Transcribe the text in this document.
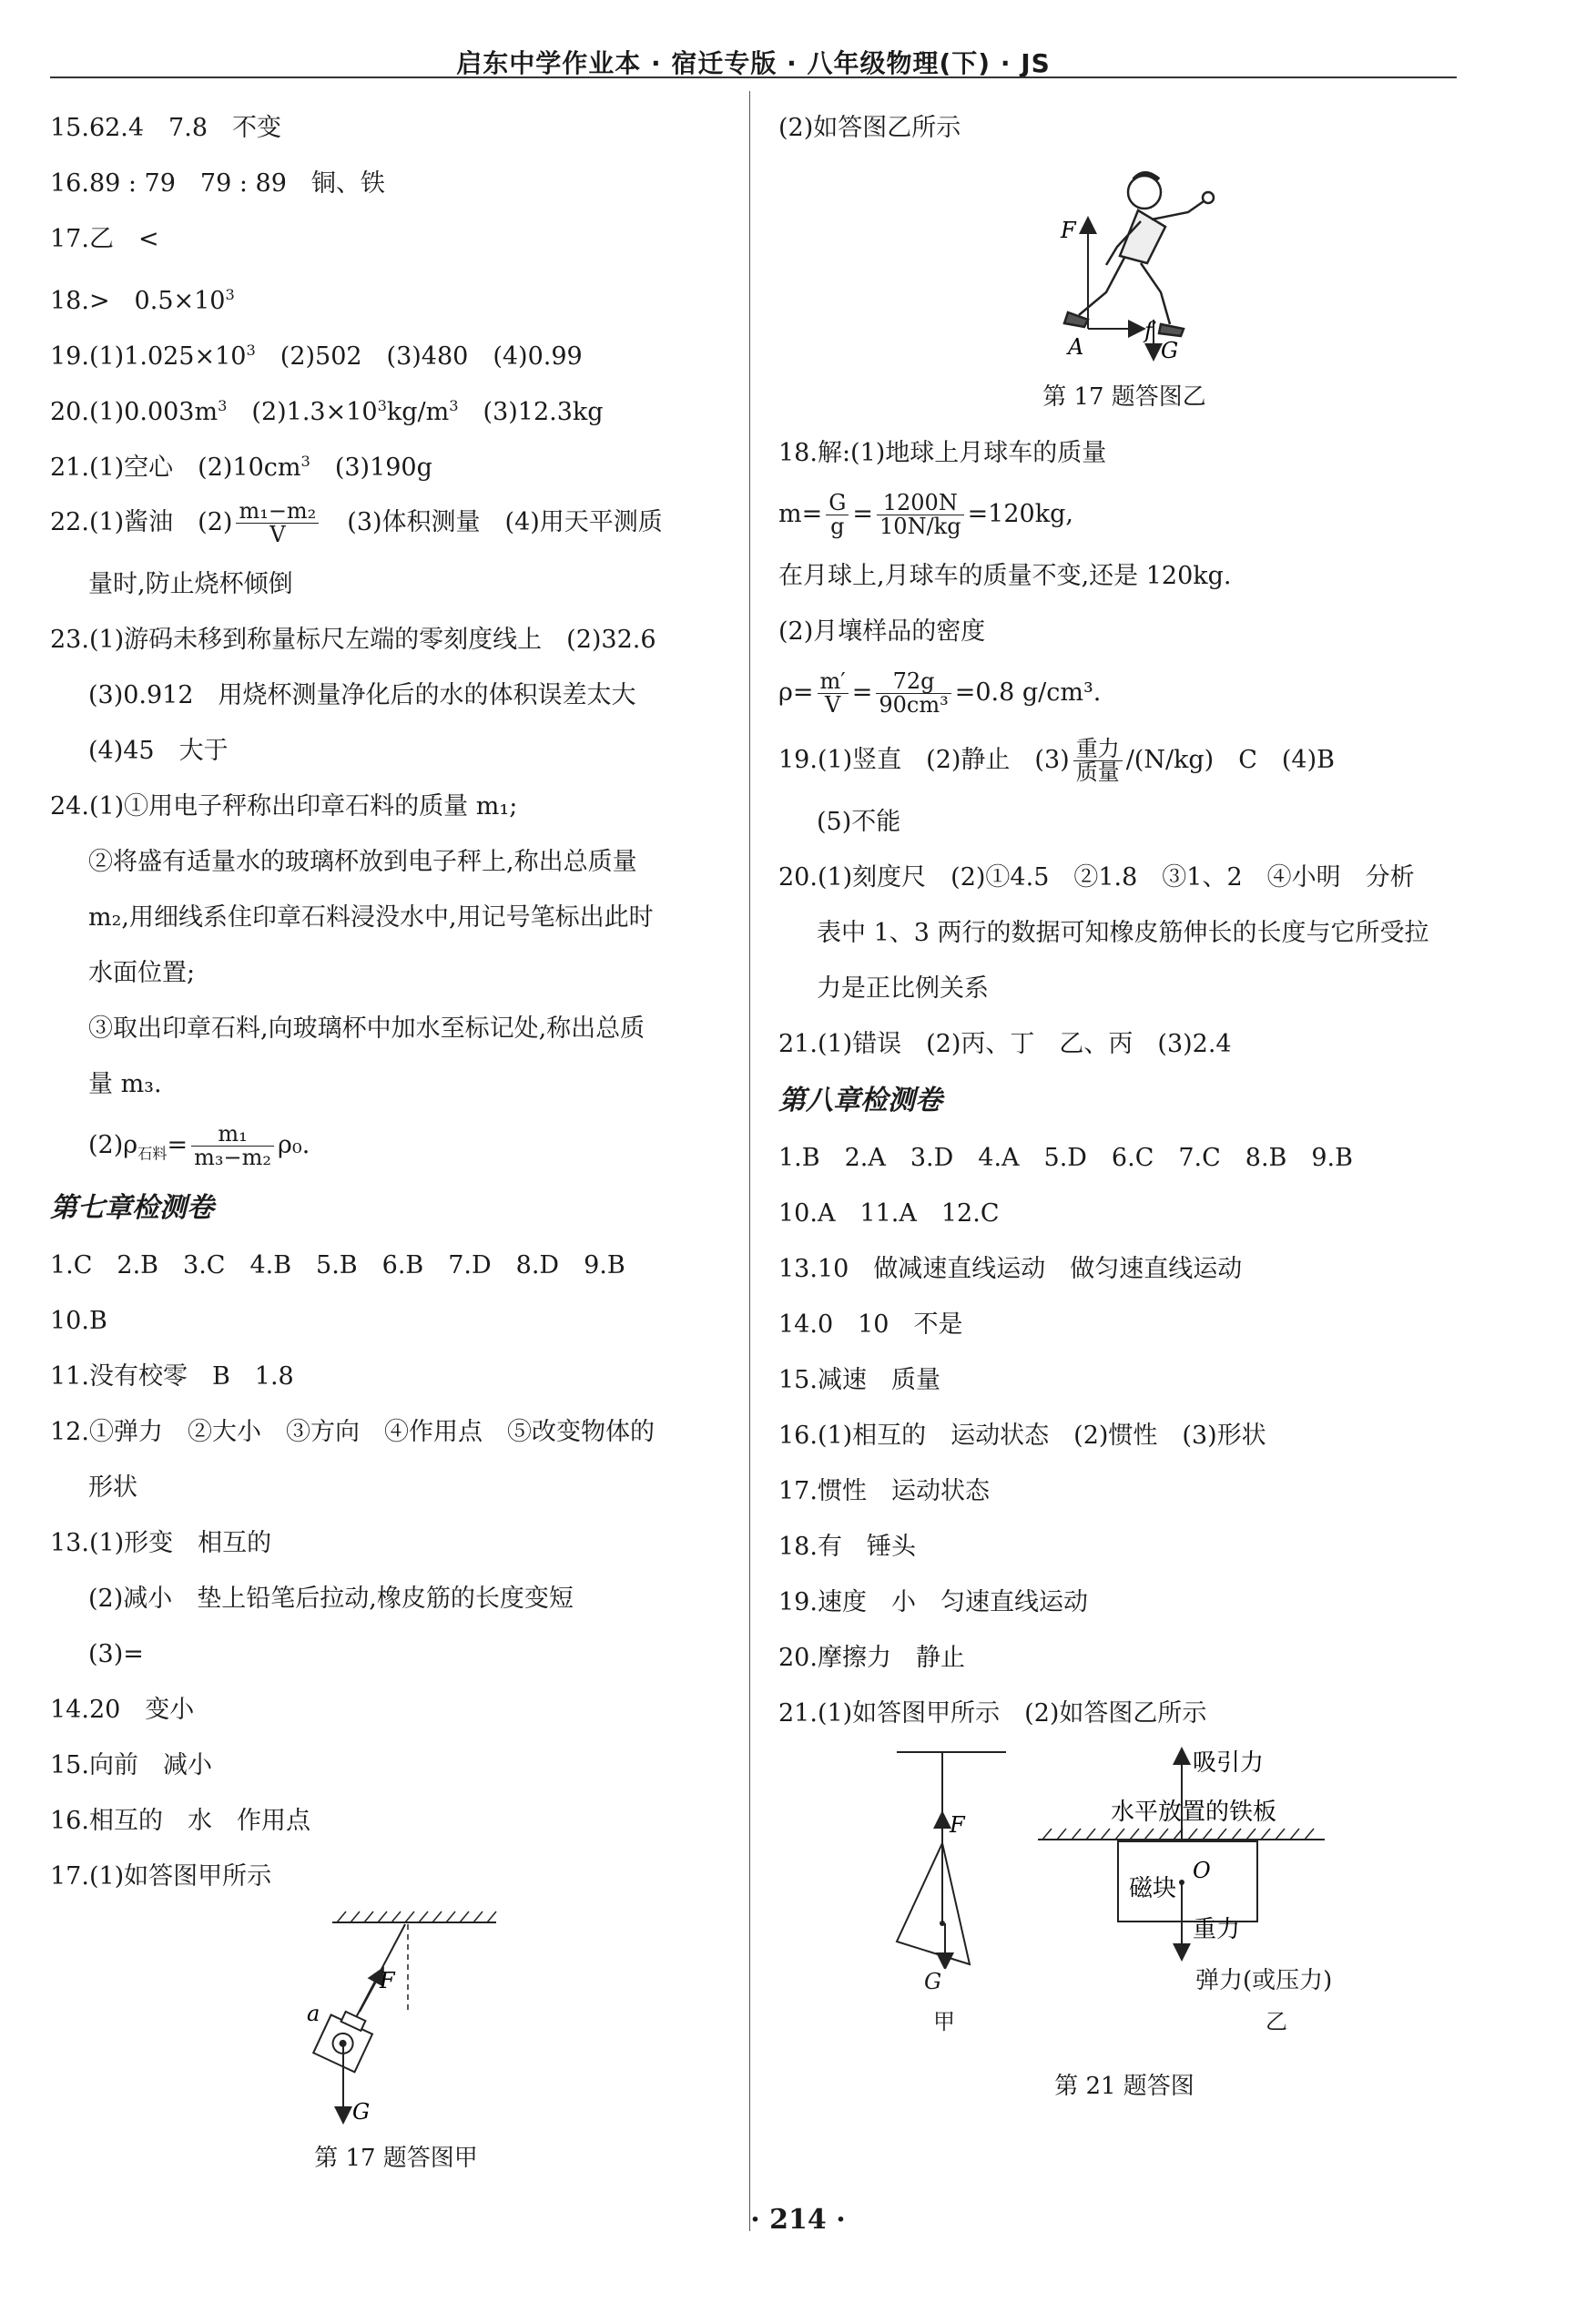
启东中学作业本 · 宿迁专版 · 八年级物理(下) · JS
15.62.4　7.8　不变
16.89 : 79　79 : 89　铜、铁
17.乙　<
18.>　$0.5\times 10^3$
$19.(1)1.025\times 10^3$　(2)502　(3)480　(4)0.99
$20.(1)0.003m^3$　$(2)1.3\times 10^3kg/m^3$　(3)12.3kg
21.(1)空心　$(2)10cm^3$　(3)190g
22.(1)酱油　$(2) \frac{\text{m₁−m₂}}{V}$ 　(3)体积测量　(4)用天平测质
量时,防止烧杯倾倒
23.(1)游码未移到称量标尺左端的零刻度线上　(2)32.6
(3)0.912　用烧杯测量净化后的水的体积误差太大
(4)45　大于
24.(1)①用电子秤称出印章石料的质量 m₁;
②将盛有适量水的玻璃杯放到电子秤上,称出总质量
m₂,用细线系住印章石料浸没水中,用记号笔标出此时
水面位置;
③取出印章石料,向玻璃杯中加水至标记处,称出总质
量 m₃.
$(2)\rho_{石料}= \frac{\text{m₁}}{\text{m₃−m₂}} \rho_0$.
第七章检测卷
1.C　2.B　3.C　4.B　5.B　6.B　7.D　8.D　9.B
10.B
11.没有校零　B　1.8
12.①弹力　②大小　③方向　④作用点　⑤改变物体的
形状
13.(1)形变　相互的
(2)减小　垫上铅笔后拉动,橡皮筋的长度变短
(3)=
14.20　变小
15.向前　减小
16.相互的　水　作用点
17.(1)如答图甲所示
F
a
G
第 17 题答图甲
(2)如答图乙所示
F
A
f
G
第 17 题答图乙
18.解:(1)地球上月球车的质量
$m= \frac{G}{g} = \frac{1200N}{10N/kg} =120kg$,
在月球上,月球车的质量不变,还是 120kg.
(2)月壤样品的密度
$\rho= \frac{m'}{V} = \frac{72g}{\text{90cm³}} =0.8$ g/cm³.
19.(1)竖直　(2)静止　$(3) \frac{\text{重力}}{\text{质量}} /(N/kg)$　C　(4)B
(5)不能
20.(1)刻度尺　(2)①4.5　②1.8　③1、2　④小明　分析
表中 1、3 两行的数据可知橡皮筋伸长的长度与它所受拉
力是正比例关系
21.(1)错误　(2)丙、丁　乙、丙　(3)2.4
第八章检测卷
1.B　2.A　3.D　4.A　5.D　6.C　7.C　8.B　9.B
10.A　11.A　12.C
13.10　做减速直线运动　做匀速直线运动
14.0　10　不是
15.减速　质量
16.(1)相互的　运动状态　(2)惯性　(3)形状
17.惯性　运动状态
18.有　锤头
19.速度　小　匀速直线运动
20.摩擦力　静止
21.(1)如答图甲所示　(2)如答图乙所示
F
吸引力
水平放置的铁板
磁块
O
重力
G
甲
弹力(或压力)
乙
第 21 题答图
· 214 ·
